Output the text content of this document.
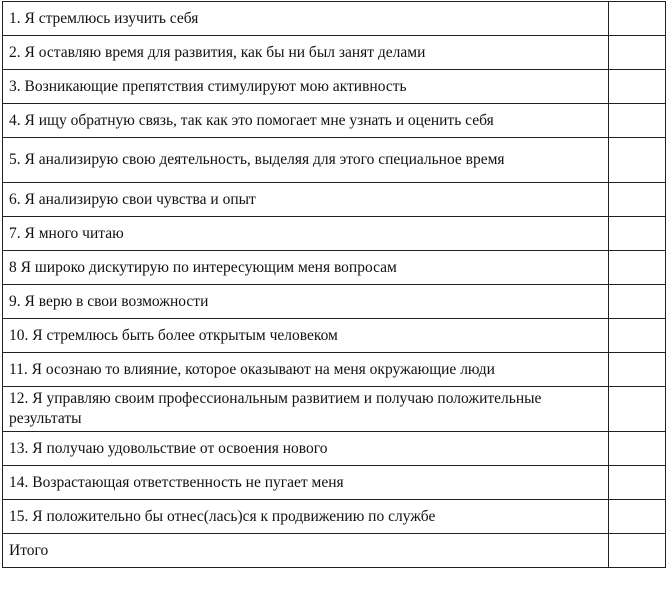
1. Я стремлюсь изучить себя	
2. Я оставляю время для развития, как бы ни был занят делами	
3. Возникающие препятствия стимулируют мою активность	
4. Я ищу обратную связь, так как это помогает мне узнать и оценить себя	
5. Я анализирую свою деятельность, выделяя для этого специальное время	
6. Я анализирую свои чувства и опыт	
7. Я много читаю	
8 Я широко дискутирую по интересующим меня вопросам	
9. Я верю в свои возможности	
10. Я стремлюсь быть более открытым человеком	
11. Я осознаю то влияние, которое оказывают на меня окружающие люди	
12. Я управляю своим профессиональным развитием и получаю положительные результаты	
13. Я получаю удовольствие от освоения нового	
14. Возрастающая ответственность не пугает меня	
15. Я положительно бы отнес(лась)ся к продвижению по службе	
Итого	
